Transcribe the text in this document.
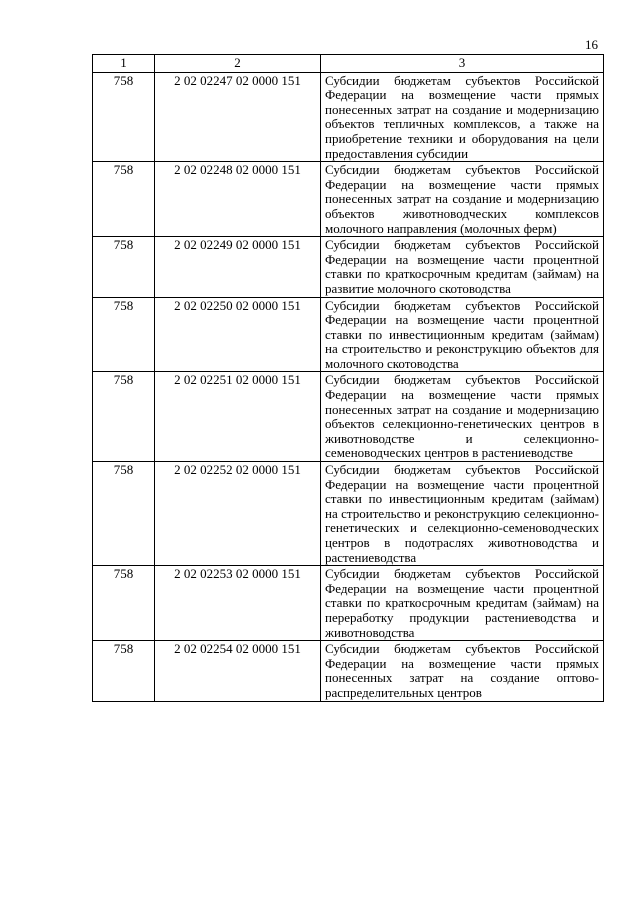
16
1	2	3
758	2 02 02247 02 0000 151	Субсидии бюджетам субъектов Российской Федерации на возмещение части прямых понесенных затрат на создание и модернизацию объектов тепличных комплексов, а также на приобретение техники и оборудования на цели предоставления субсидии
758	2 02 02248 02 0000 151	Субсидии бюджетам субъектов Российской Федерации на возмещение части прямых понесенных затрат на создание и модернизацию объектов животноводческих комплексов молочного направления (молочных ферм)
758	2 02 02249 02 0000 151	Субсидии бюджетам субъектов Российской Федерации на возмещение части процентной ставки по краткосрочным кредитам (займам) на развитие молочного скотоводства
758	2 02 02250 02 0000 151	Субсидии бюджетам субъектов Российской Федерации на возмещение части процентной ставки по инвестиционным кредитам (займам) на строительство и реконструкцию объектов для молочного скотоводства
758	2 02 02251 02 0000 151	Субсидии бюджетам субъектов Российской Федерации на возмещение части прямых понесенных затрат на создание и модернизацию объектов селекционно-генетических центров в животноводстве и селекционно-семеноводческих центров в растениеводстве
758	2 02 02252 02 0000 151	Субсидии бюджетам субъектов Российской Федерации на возмещение части процентной ставки по инвестиционным кредитам (займам) на строительство и реконструкцию селекционно-генетических и селекционно-семеноводческих центров в подотраслях животноводства и растениеводства
758	2 02 02253 02 0000 151	Субсидии бюджетам субъектов Российской Федерации на возмещение части процентной ставки по краткосрочным кредитам (займам) на переработку продукции растениеводства и животноводства
758	2 02 02254 02 0000 151	Субсидии бюджетам субъектов Российской Федерации на возмещение части прямых понесенных затрат на создание оптово-распределительных центров
